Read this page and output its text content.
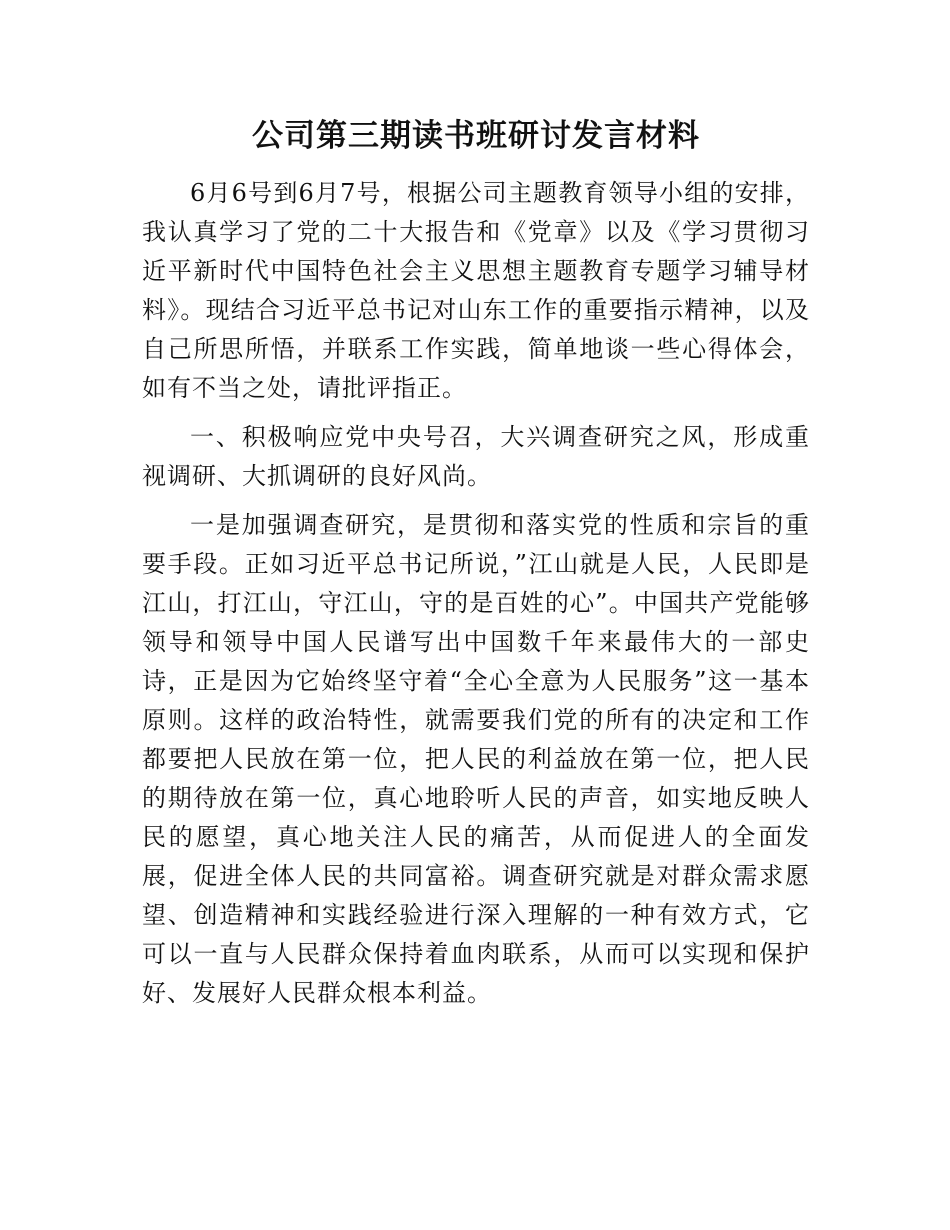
公司第三期读书班研讨发言材料

6月6号到6月7号，根据公司主题教育领导小组的安排，我认真学习了党的二十大报告和《党章》以及《学习贯彻习近平新时代中国特色社会主义思想主题教育专题学习辅导材料》。现结合习近平总书记对山东工作的重要指示精神，以及自己所思所悟，并联系工作实践，简单地谈一些心得体会，如有不当之处，请批评指正。

一、积极响应党中央号召，大兴调查研究之风，形成重视调研、大抓调研的良好风尚。

一是加强调查研究，是贯彻和落实党的性质和宗旨的重要手段。正如习近平总书记所说，”江山就是人民，人民即是江山，打江山，守江山，守的是百姓的心”。中国共产党能够领导和领导中国人民谱写出中国数千年来最伟大的一部史诗，正是因为它始终坚守着“全心全意为人民服务”这一基本原则。这样的政治特性，就需要我们党的所有的决定和工作都要把人民放在第一位，把人民的利益放在第一位，把人民的期待放在第一位，真心地聆听人民的声音，如实地反映人民的愿望，真心地关注人民的痛苦，从而促进人的全面发展，促进全体人民的共同富裕。调查研究就是对群众需求愿望、创造精神和实践经验进行深入理解的一种有效方式，它可以一直与人民群众保持着血肉联系，从而可以实现和保护好、发展好人民群众根本利益。
